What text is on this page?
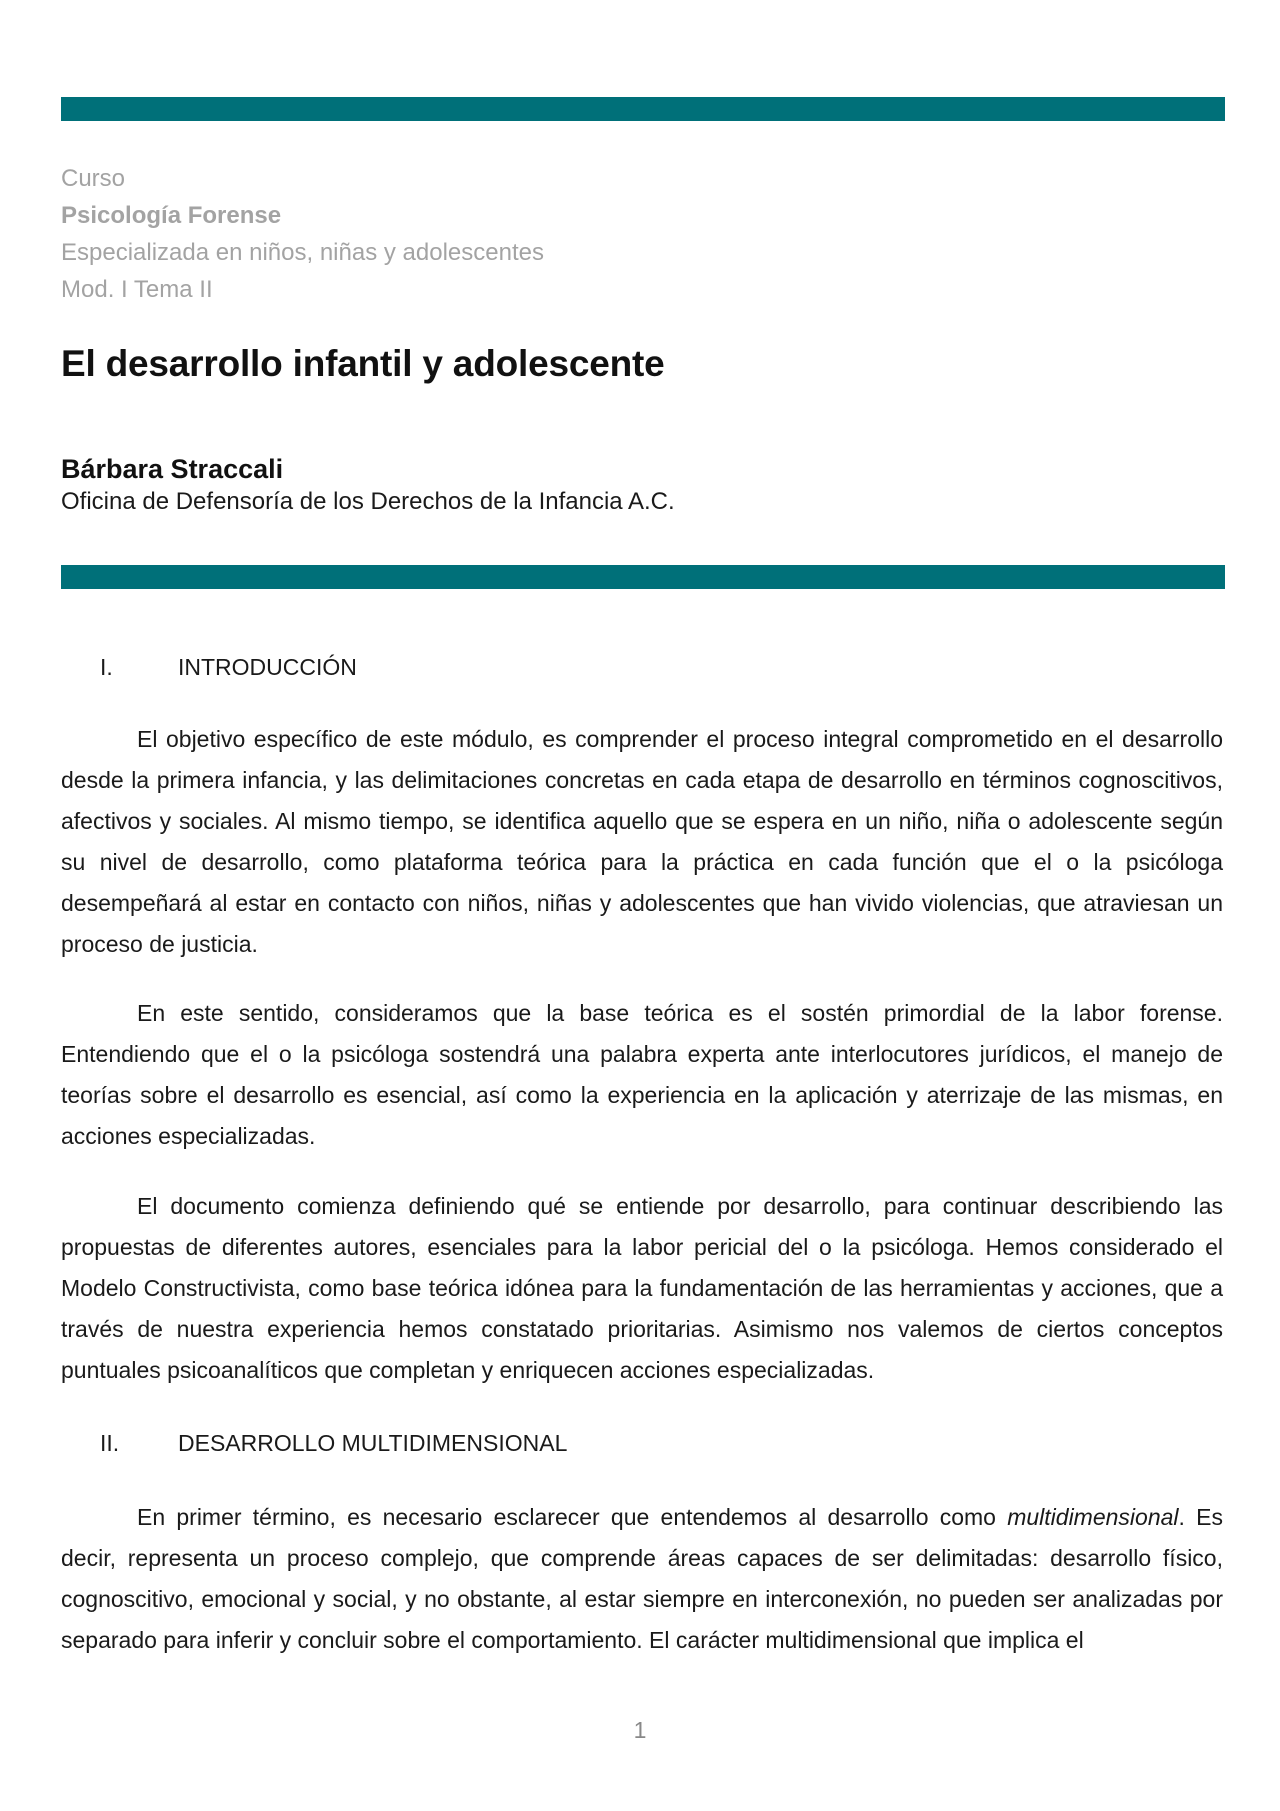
Curso
Psicología Forense
Especializada en niños, niñas y adolescentes
Mod. I Tema II
El desarrollo infantil y adolescente
Bárbara Straccali
Oficina de Defensoría de los Derechos de la Infancia A.C.
I.	INTRODUCCIÓN

El objetivo específico de este módulo, es comprender el proceso integral comprometido en el desarrollo desde la primera infancia, y las delimitaciones concretas en cada etapa de desarrollo en términos cognoscitivos, afectivos y sociales. Al mismo tiempo, se identifica aquello que se espera en un niño, niña o adolescente según su nivel de desarrollo, como plataforma teórica para la práctica en cada función que el o la psicóloga desempeñará al estar en contacto con niños, niñas y adolescentes que han vivido violencias, que atraviesan un proceso de justicia.

En este sentido, consideramos que la base teórica es el sostén primordial de la labor forense. Entendiendo que el o la psicóloga sostendrá una palabra experta ante interlocutores jurídicos, el manejo de teorías sobre el desarrollo es esencial, así como la experiencia en la aplicación y aterrizaje de las mismas, en acciones especializadas.

El documento comienza definiendo qué se entiende por desarrollo, para continuar describiendo las propuestas de diferentes autores, esenciales para la labor pericial del o la psicóloga. Hemos considerado el Modelo Constructivista, como base teórica idónea para la fundamentación de las herramientas y acciones, que a través de nuestra experiencia hemos constatado prioritarias. Asimismo nos valemos de ciertos conceptos puntuales psicoanalíticos que completan y enriquecen acciones especializadas.

II.	DESARROLLO MULTIDIMENSIONAL

En primer término, es necesario esclarecer que entendemos al desarrollo como multidimensional. Es decir, representa un proceso complejo, que comprende áreas capaces de ser delimitadas: desarrollo físico, cognoscitivo, emocional y social, y no obstante, al estar siempre en interconexión, no pueden ser analizadas por separado para inferir y concluir sobre el comportamiento. El carácter multidimensional que implica el

1
